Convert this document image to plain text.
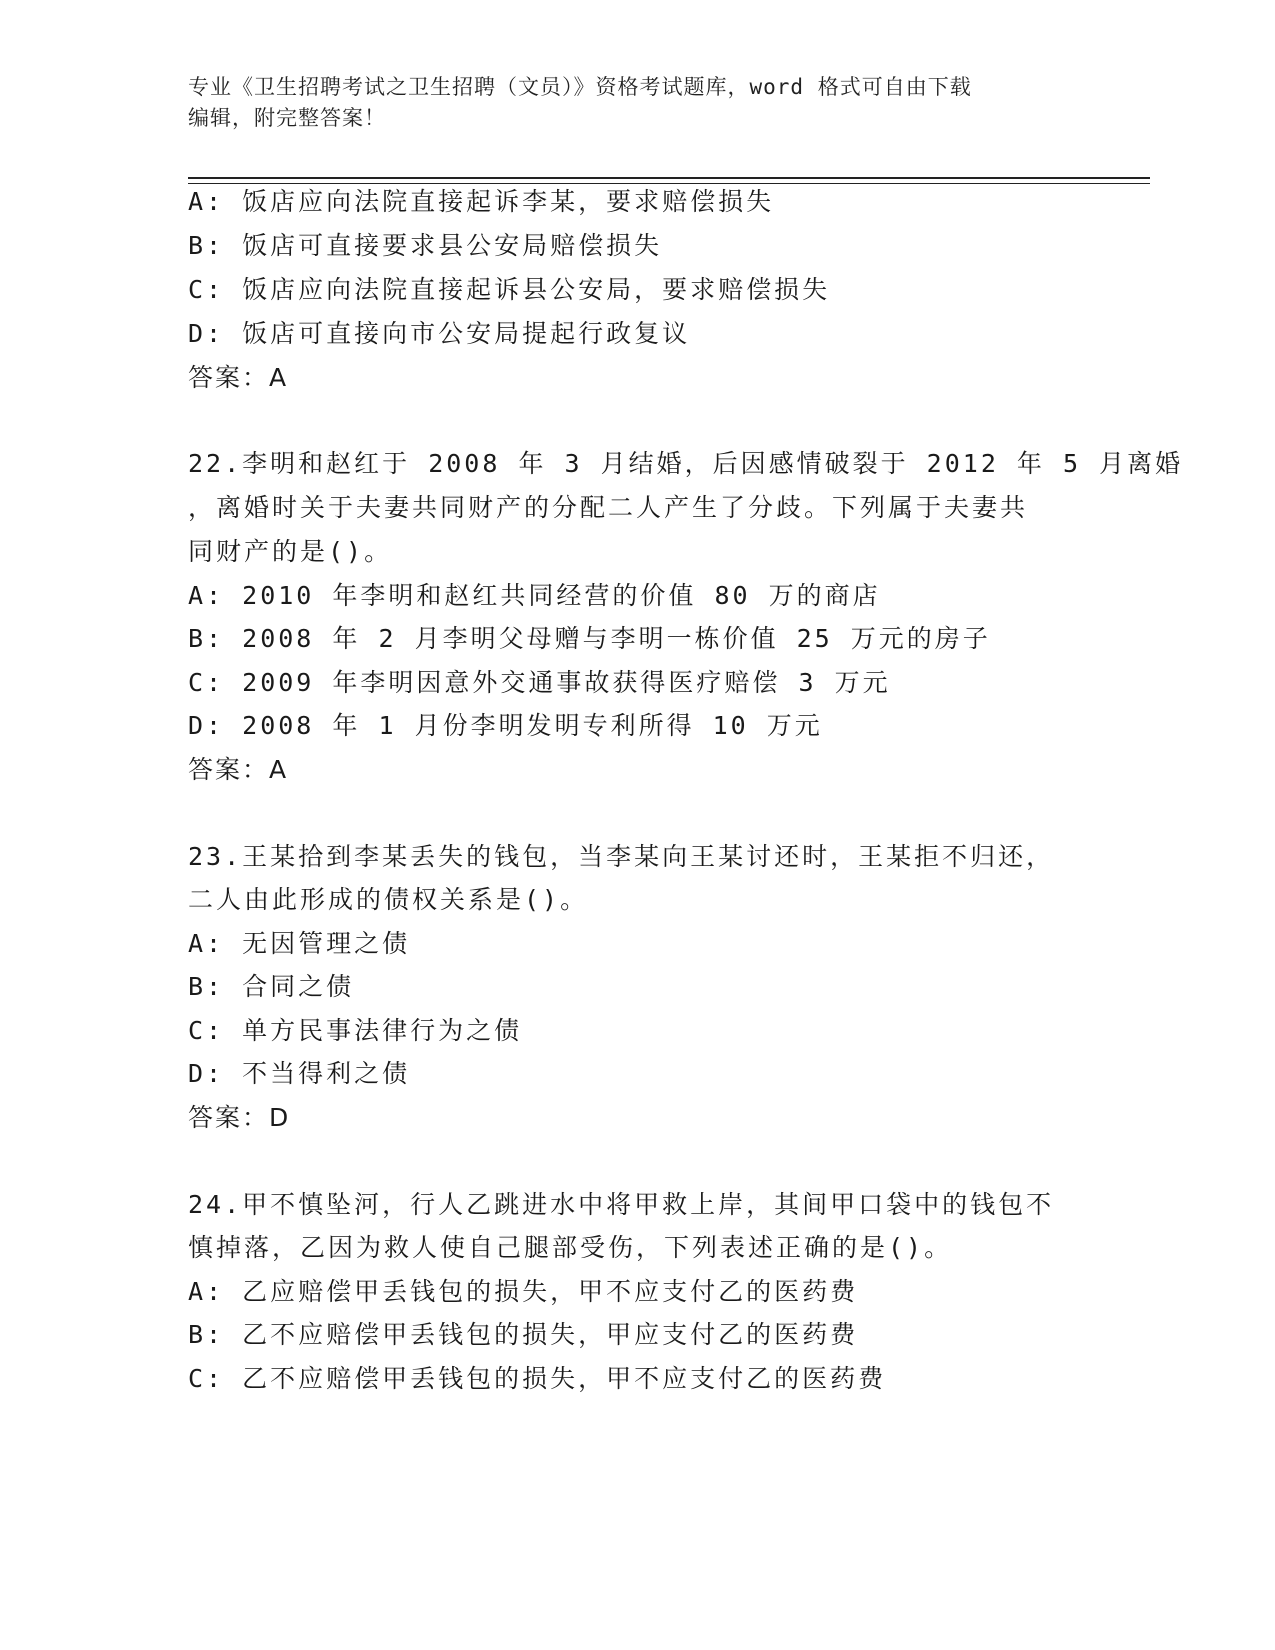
专业《卫生招聘考试之卫生招聘（文员）》资格考试题库，word 格式可自由下载
编辑，附完整答案！
A: 饭店应向法院直接起诉李某，要求赔偿损失
B: 饭店可直接要求县公安局赔偿损失
C: 饭店应向法院直接起诉县公安局，要求赔偿损失
D: 饭店可直接向市公安局提起行政复议
答案：A
22.李明和赵红于 2008 年 3 月结婚，后因感情破裂于 2012 年 5 月离婚
，离婚时关于夫妻共同财产的分配二人产生了分歧。下列属于夫妻共
同财产的是()。
A: 2010 年李明和赵红共同经营的价值 80 万的商店
B: 2008 年 2 月李明父母赠与李明一栋价值 25 万元的房子
C: 2009 年李明因意外交通事故获得医疗赔偿 3 万元
D: 2008 年 1 月份李明发明专利所得 10 万元
答案：A
23.王某拾到李某丢失的钱包，当李某向王某讨还时，王某拒不归还，
二人由此形成的债权关系是()。
A: 无因管理之债
B: 合同之债
C: 单方民事法律行为之债
D: 不当得利之债
答案：D
24.甲不慎坠河，行人乙跳进水中将甲救上岸，其间甲口袋中的钱包不
慎掉落，乙因为救人使自己腿部受伤，下列表述正确的是()。
A: 乙应赔偿甲丢钱包的损失，甲不应支付乙的医药费
B: 乙不应赔偿甲丢钱包的损失，甲应支付乙的医药费
C: 乙不应赔偿甲丢钱包的损失，甲不应支付乙的医药费
